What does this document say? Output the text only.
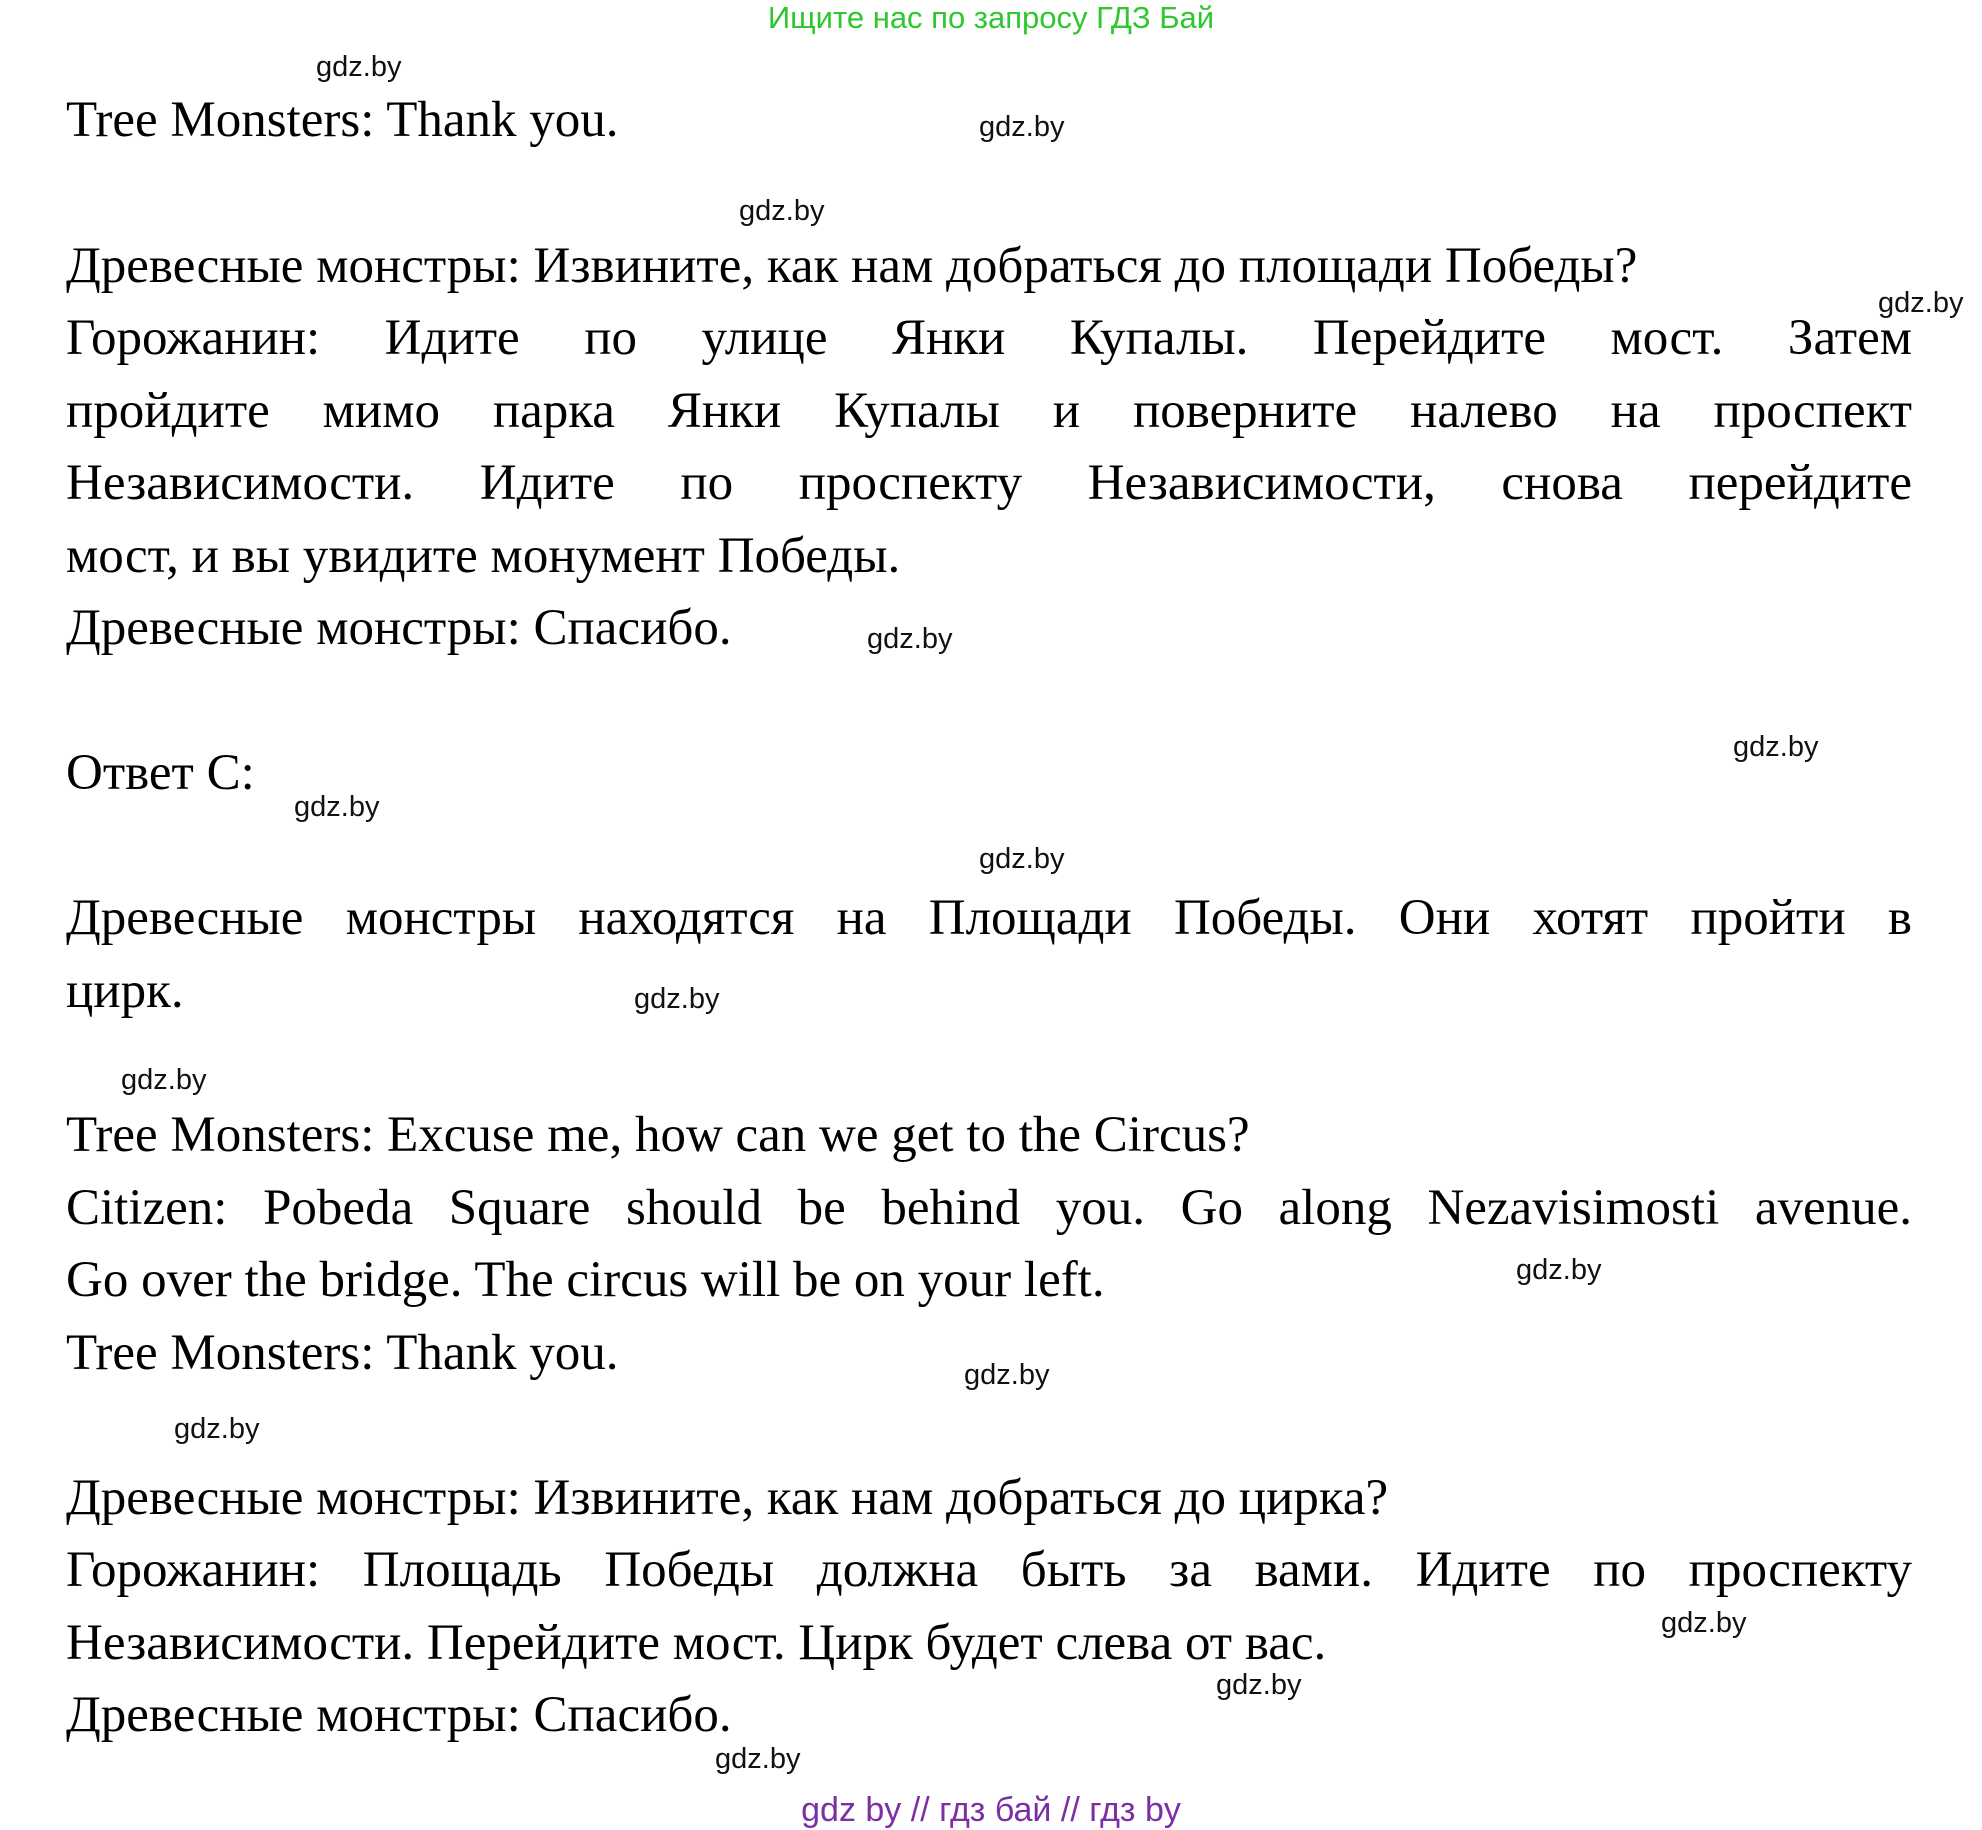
Ищите нас по запросу ГДЗ Бай
Tree Monsters: Thank you.
Древесные монстры: Извините, как нам добраться до площади Победы?
Горожанин: Идите по улице Янки Купалы. Перейдите мост. Затем
пройдите мимо парка Янки Купалы и поверните налево на проспект
Независимости. Идите по проспекту Независимости, снова перейдите
мост, и вы увидите монумент Победы.
Древесные монстры: Спасибо.
Ответ С:
Древесные монстры находятся на Площади Победы. Они хотят пройти в
цирк.
Tree Monsters: Excuse me, how can we get to the Circus?
Citizen: Pobeda Square should be behind you. Go along Nezavisimosti avenue.
Go over the bridge. The circus will be on your left.
Tree Monsters: Thank you.
Древесные монстры: Извините, как нам добраться до цирка?
Горожанин: Площадь Победы должна быть за вами. Идите по проспекту
Независимости. Перейдите мост. Цирк будет слева от вас.
Древесные монстры: Спасибо.
gdz.by
gdz.by
gdz.by
gdz.by
gdz.by
gdz.by
gdz.by
gdz.by
gdz.by
gdz.by
gdz.by
gdz.by
gdz.by
gdz.by
gdz.by
gdz.by
gdz by // гдз бай // гдз by
